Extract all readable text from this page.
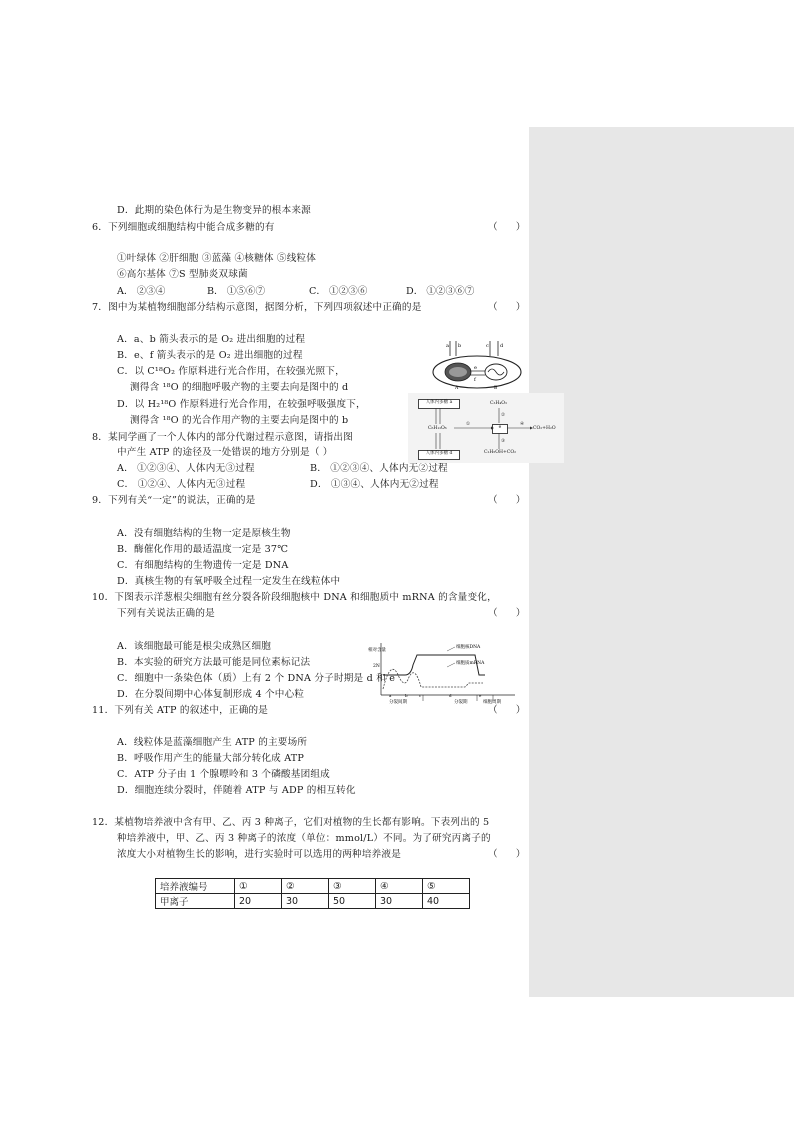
D．此期的染色体行为是生物变异的根本来源
6．下列细胞或细胞结构中能合成多糖的有	（      ）
①叶绿体 ②肝细胞 ③蓝藻 ④核糖体 ⑤线粒体
⑥高尔基体 ⑦S 型肺炎双球菌
A． ②③④	B． ①⑤⑥⑦	C． ①②③⑥	D． ①②③⑥⑦
7．图中为某植物细胞部分结构示意图，据图分析，下列四项叙述中正确的是	（      ）
A．a、b 箭头表示的是 O₂ 进出细胞的过程
B．e、f 箭头表示的是 O₂ 进出细胞的过程
C．以 C¹⁸O₂ 作原料进行光合作用，在较强光照下，
测得含 ¹⁸O 的细胞呼吸产物的主要去向是图中的 d
D．以 H₂¹⁸O 作原料进行光合作用，在较强呼吸强度下，
测得含 ¹⁸O 的光合作用产物的主要去向是图中的 b
a b	c d
e
f
A	B
8．某同学画了一个人体内的部分代谢过程示意图，请指出图
中产生 ATP 的途径及一处错误的地方分别是（ ）
A． ①②③④、人体内无③过程	B． ①②③④、人体内无②过程
C． ①②④、人体内无③过程	D． ①③④、人体内无②过程
人体内多糖 a
人体内多糖 d
C₆H₁₂O₆	e
C₃H₄O₃
CO₂+H₂O
C₂H₅OH+CO₂
①
②
④
③
9．下列有关“一定”的说法，正确的是	（      ）
A．没有细胞结构的生物一定是原核生物
B．酶催化作用的最适温度一定是 37℃
C．有细胞结构的生物遗传一定是 DNA
D．真核生物的有氧呼吸全过程一定发生在线粒体中
10．下图表示洋葱根尖细胞有丝分裂各阶段细胞核中 DNA 和细胞质中 mRNA 的含量变化，
下列有关说法正确的是	（      ）
A．该细胞最可能是根尖成熟区细胞
B．本实验的研究方法最可能是同位素标记法
C．细胞中一条染色体（质）上有 2 个 DNA 分子时期是 d 和 e
D．在分裂间期中心体复制形成 4 个中心粒
相对含量
2N
a	b	c	d	e
分裂间期	分裂期	细胞周期
细胞核DNA
细胞质mRNA
11．下列有关 ATP 的叙述中，正确的是	（      ）
A．线粒体是蓝藻细胞产生 ATP 的主要场所
B．呼吸作用产生的能量大部分转化成 ATP
C．ATP 分子由 1 个腺嘌呤和 3 个磷酸基团组成
D．细胞连续分裂时，伴随着 ATP 与 ADP 的相互转化
12．某植物培养液中含有甲、乙、丙 3 种离子，它们对植物的生长都有影响。下表列出的 5
种培养液中，甲、乙、丙 3 种离子的浓度（单位：mmol/L）不同。为了研究丙离子的
浓度大小对植物生长的影响，进行实验时可以选用的两种培养液是	（      ）
培养液编号	①	②	③	④	⑤
甲离子	20	30	50	30	40
